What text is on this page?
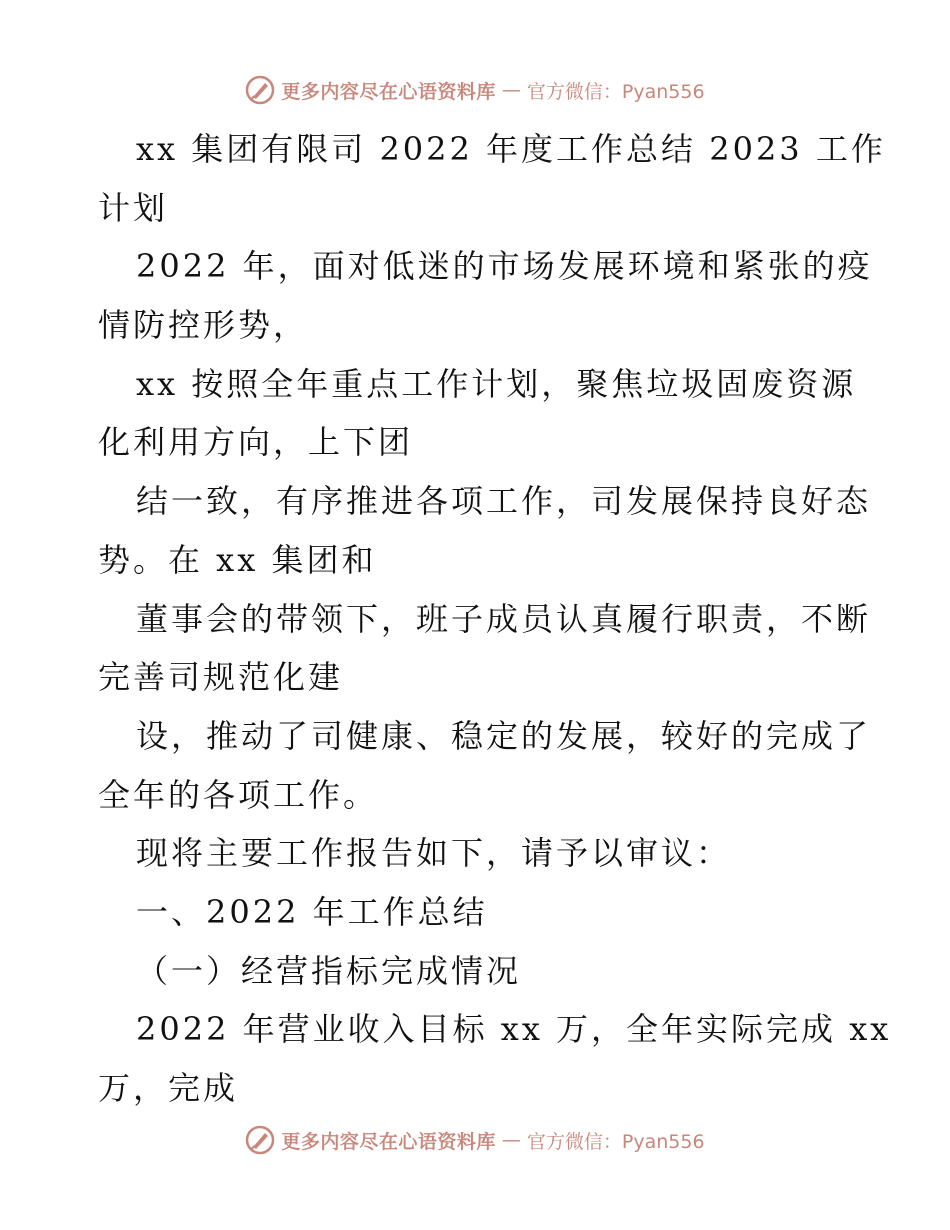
更多内容尽在心语资料库 — 官方微信：Pyan556
xx 集团有限司 2022 年度工作总结 2023 工作
计划
2022 年，面对低迷的市场发展环境和紧张的疫
情防控形势，
xx 按照全年重点工作计划，聚焦垃圾固废资源
化利用方向，上下团
结一致，有序推进各项工作，司发展保持良好态
势。在 xx 集团和
董事会的带领下，班子成员认真履行职责，不断
完善司规范化建
设，推动了司健康、稳定的发展，较好的完成了
全年的各项工作。
现将主要工作报告如下，请予以审议：
一、2022 年工作总结
（一）经营指标完成情况
2022 年营业收入目标 xx 万，全年实际完成 xx
万，完成
更多内容尽在心语资料库 — 官方微信：Pyan556
